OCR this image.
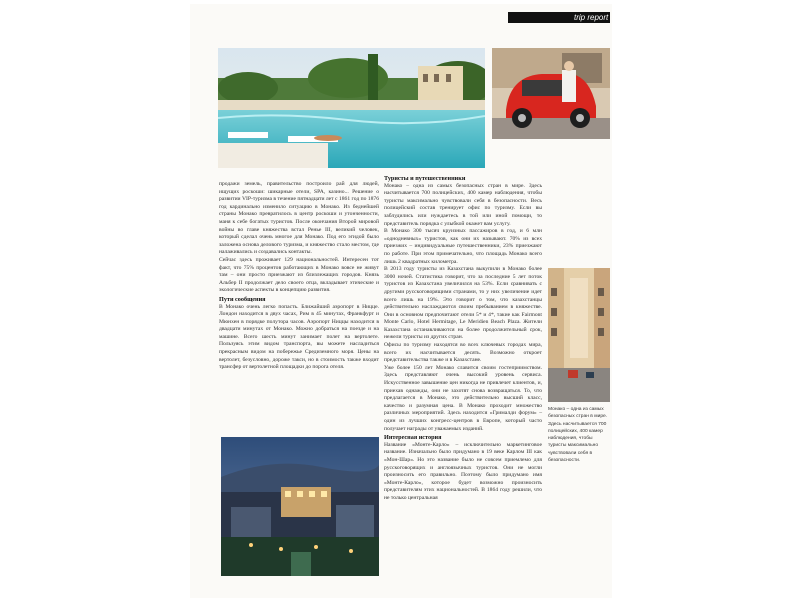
trip report

продажи земель, правительство построило рай для людей, ищущих роскоши: шикарные отели, SPA, казино... Решение о развитии VIP-туризма в течение пятнадцати лет с 1861 год по 1876 год кардинально изменило ситуацию в Монако. Из беднейшей страны Монако превратилось в центр роскоши и утонченности, маня к себе богатых туристов. После окончания Второй мировой войны во главе княжества встал Ренье III, великий человек, который сделал очень многое для Монако. Под его эгидой было заложена основа делового туризма, и княжество стало местом, где налаживались и создавались контакты.

Сейчас здесь проживает 129 национальностей. Интересен тот факт, что 75% процентов работающих в Монако вовсе не живут там – они просто приезжают из близлежащих городов. Князь Альбер II продолжает дело своего отца, вкладывает этические и экологические аспекты в концепцию развития.

Пути сообщения

В Монако очень легко попасть. Ближайший аэропорт в Ницце. Лондон находится в двух часах, Рим в 45 минутах, Франкфурт и Мюнхен в порядке полутора часов. Аэропорт Ниццы находится в двадцати минутах от Монако. Можно добраться на поезде и на машине. Всего шесть минут занимает полет на вертолете. Пользуясь этим видом транспорта, вы можете насладиться прекрасным видом на побережье Средиземного моря. Цены на вертолет, безусловно, дороже такси, но в стоимость также входит трансфер от вертолетной площадки до порога отеля.

Туристы и путешественники

Монако – одна из самых безопасных стран в мире. Здесь насчитывается 700 полицейских, 400 камер наблюдения, чтобы туристы максимально чувствовали себя в безопасности. Весь полицейский состав тренирует офис по туризму. Если вы заблудились или нуждаетесь в той или иной помощи, то представитель порядка с улыбкой окажет вам услугу.

В Монако 300 тысяч круизных пассажиров в год, и 6 млн «однодневных» туристов, как они их называют. 70% из всех приезжих – индивидуальные путешественники, 23% приезжают по работе. При этом примечательно, что площадь Монако всего лишь 2 квадратных километра.

В 2013 году туристы из Казахстана выкупили в Монако более 3000 ночей. Статистика говорит, что за последние 5 лет поток туристов из Казахстана увеличился на 53%. Если сравнивать с другими русскоговорящими странами, то у них увеличение идет всего лишь на 19%. Это говорит о том, что казахстанцы действительно наслаждаются своим пребыванием в княжестве. Они в основном предпочитают отели 5* и 4*, такие как Fairmont Monte Carlo, Hotel Hermitage, Le Meridien Beach Plaza. Жители Казахстана останавливаются на более продолжительный срок, нежели туристы из других стран.

Офисы по туризму находятся во всех ключевых городах мира, всего их насчитывается десять. Возможно откроет представительства также и в Казахстане.

Уже более 150 лет Монако славится своим гостеприимством. Здесь представляют очень высокий уровень сервиса. Искусственное завышение цен никогда не привлечет клиентов, и, приехав однажды, они не захотят снова возвращаться. То, что предлагается в Монако, это действительно высший класс, качество и разумная цена. В Монако проходит множество различных мероприятий. Здесь находится «Грималди форум» – один из лучших конгресс-центров в Европе, который часто получает награды от уважаемых изданий.

Интересная история

Название «Монте-Карло» – исключительно маркетинговое название. Изначально было придумано в 19 веке Карлом III как «Мон-Шар». Но это название было не совсем приемлемо для русскоговорящих и англоязычных туристов. Они не могли произносить его правильно. Поэтому было придумано имя «Монте-Карло», которое будет возможно произносить представителям этих национальностей. В 1864 году решили, что не только центральная

Монако – одна из самых безопасных стран в мире. Здесь насчитывается 700 полицейских, 400 камер наблюдения, чтобы туристы максимально чувствовали себя в безопасности.
